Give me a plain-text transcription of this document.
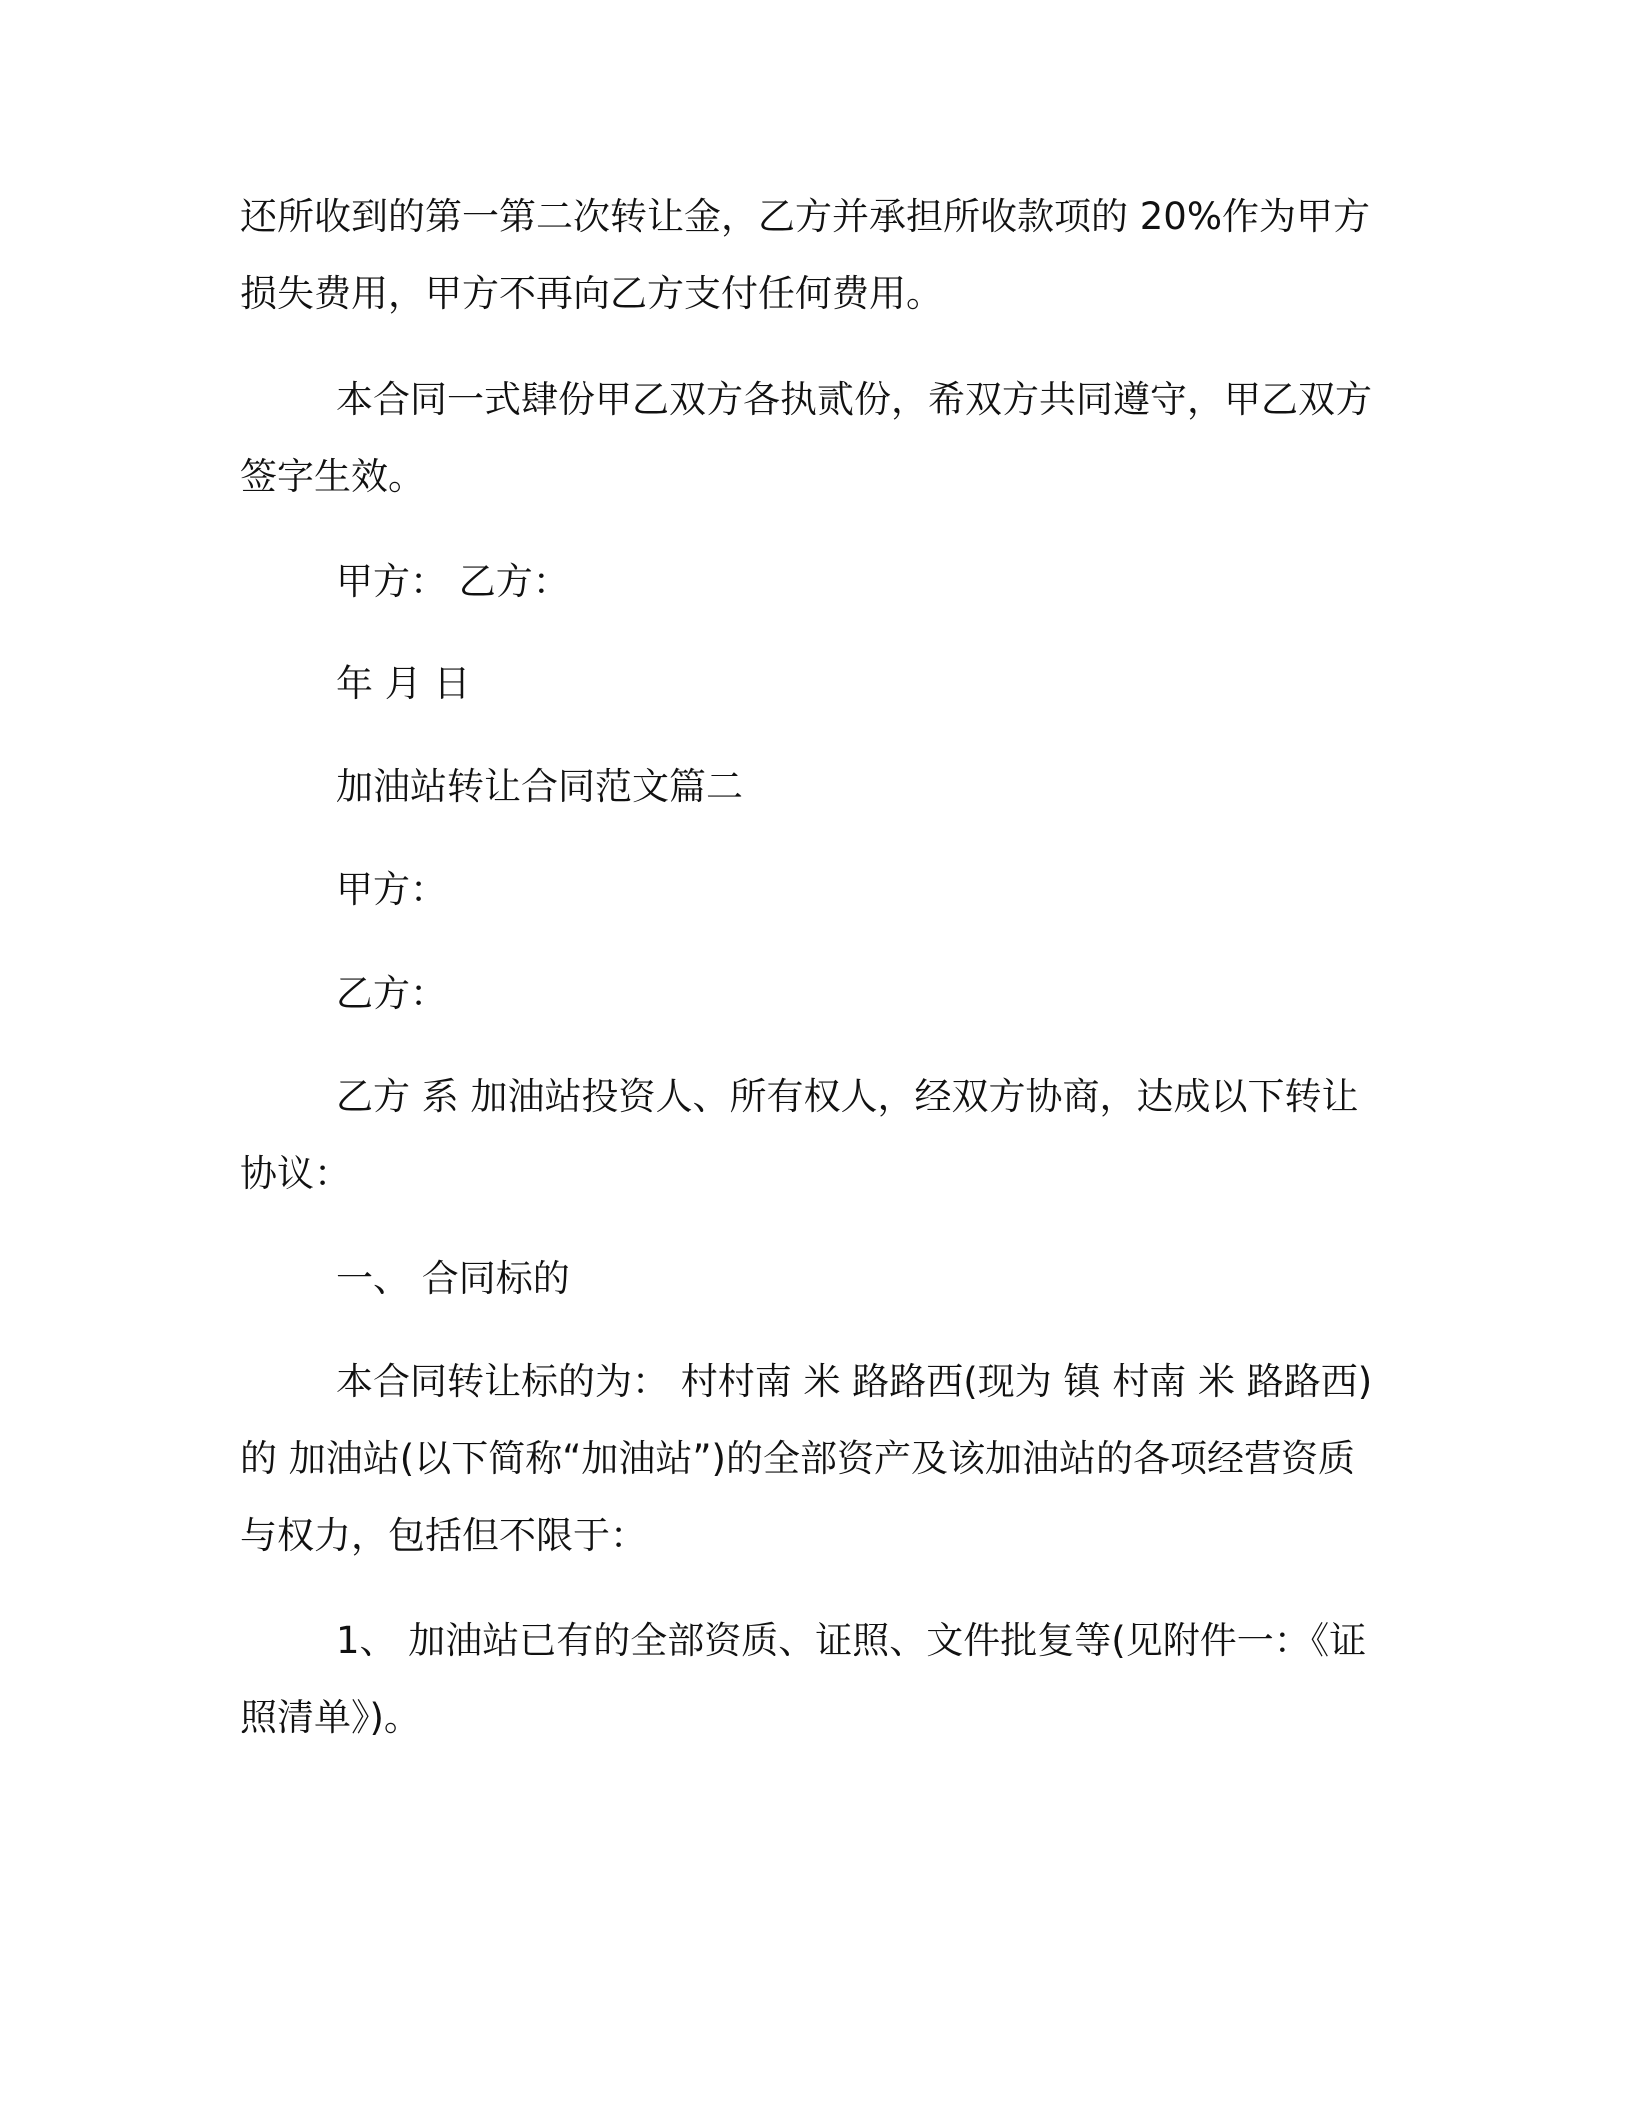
还所收到的第一第二次转让金，乙方并承担所收款项的 20%作为甲方损失费用，甲方不再向乙方支付任何费用。

本合同一式肆份甲乙双方各执贰份，希双方共同遵守，甲乙双方签字生效。

甲方： 乙方：

年 月 日

加油站转让合同范文篇二

甲方：

乙方：

乙方 系 加油站投资人、所有权人，经双方协商，达成以下转让协议：

一、 合同标的

本合同转让标的为： 村村南 米 路路西(现为 镇 村南 米 路路西) 的 加油站(以下简称“加油站”)的全部资产及该加油站的各项经营资质与权力，包括但不限于：

1、 加油站已有的全部资质、证照、文件批复等(见附件一：《证照清单》)。
